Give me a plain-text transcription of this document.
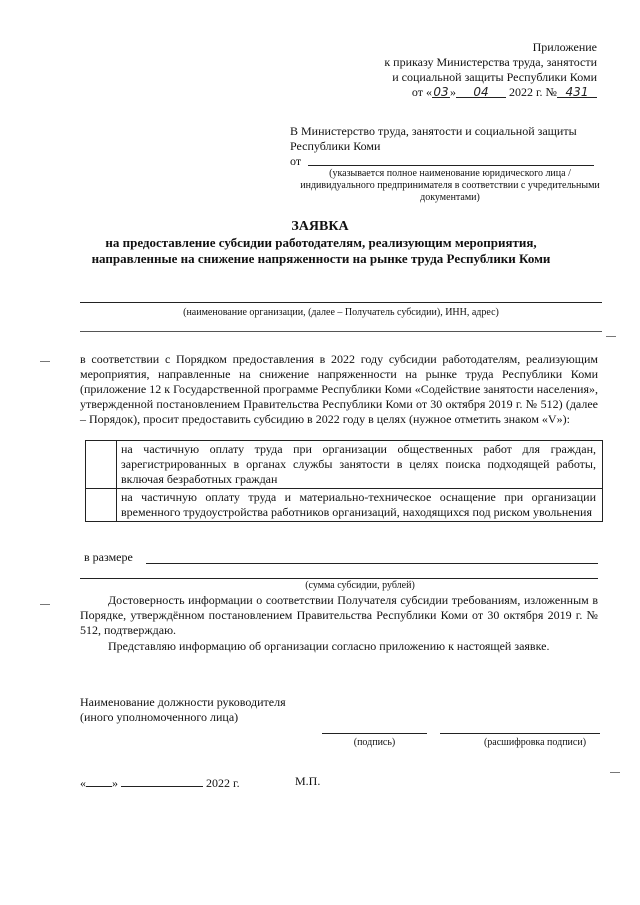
Приложение
к приказу Министерства труда, занятости
и социальной защиты Республики Коми
от «03» 04 2022 г. № 431
В Министерство труда, занятости и социальной защиты
Республики Коми
от
(указывается полное наименование юридического лица / индивидуального предпринимателя в соответствии с учредительными документами)
ЗАЯВКА
на предоставление субсидии работодателям, реализующим мероприятия, направленные на снижение напряженности на рынке труда Республики Коми
(наименование организации, (далее – Получатель субсидии), ИНН, адрес)
в соответствии с Порядком предоставления в 2022 году субсидии работодателям, реализующим мероприятия, направленные на снижение напряженности на рынке труда Республики Коми (приложение 12 к Государственной программе Республики Коми «Содействие занятости населения», утвержденной постановлением Правительства Республики Коми от 30 октября 2019 г. № 512) (далее – Порядок), просит предоставить субсидию в 2022 году в целях (нужное отметить знаком «V»):
	на частичную оплату труда при организации общественных работ для граждан, зарегистрированных в органах службы занятости в целях поиска подходящей работы, включая безработных граждан
	на частичную оплату труда и материально-техническое оснащение при организации временного трудоустройства работников организаций, находящихся под риском увольнения
в размере
(сумма субсидии, рублей)
Достоверность информации о соответствии Получателя субсидии требованиям, изложенным в Порядке, утверждённом постановлением Правительства Республики Коми от 30 октября 2019 г. № 512, подтверждаю.
Представляю информацию об организации согласно приложению к настоящей заявке.
Наименование должности руководителя
(иного уполномоченного лица)
(подпись)	(расшифровка подписи)
« »	2022 г.	М.П.
